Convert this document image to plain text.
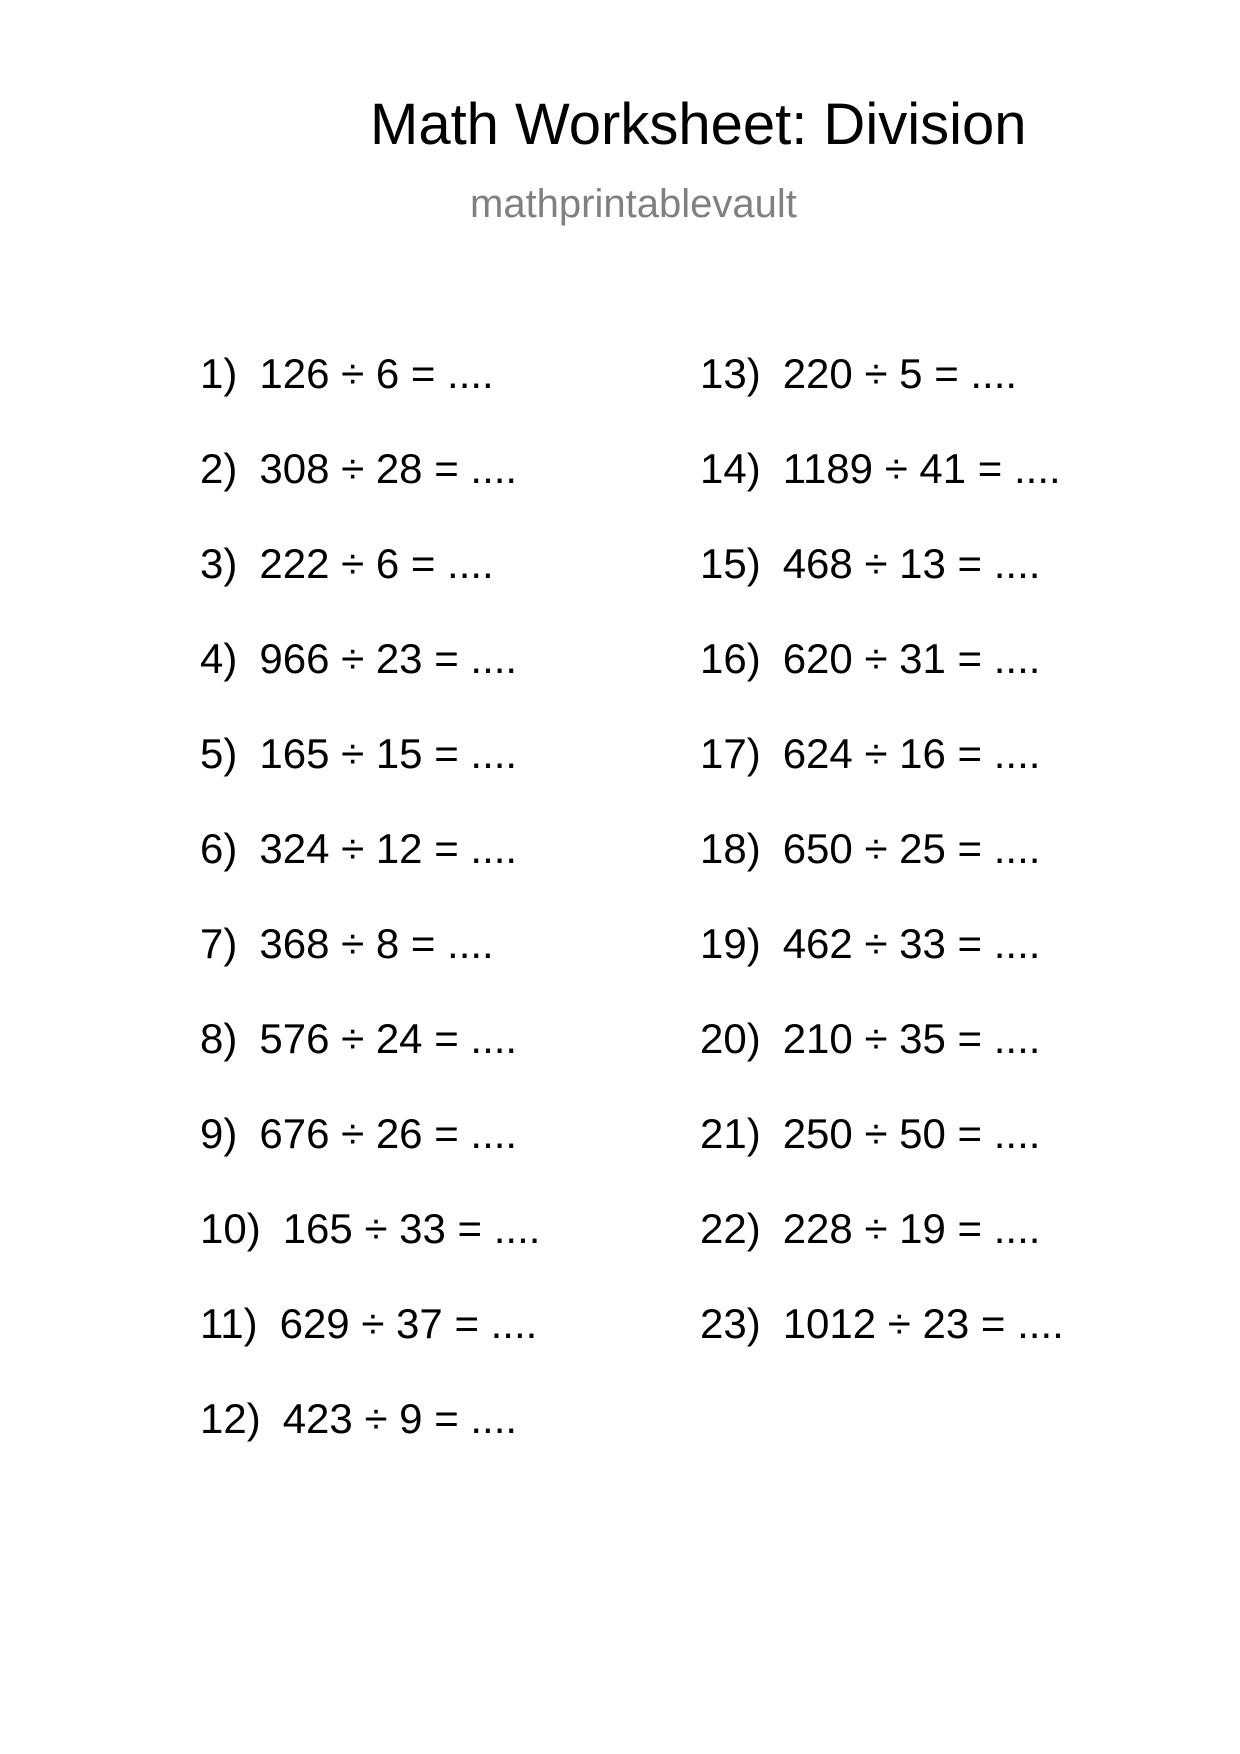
Math Worksheet: Division
mathprintablevault
1) 126 ÷ 6 = ....
2) 308 ÷ 28 = ....
3) 222 ÷ 6 = ....
4) 966 ÷ 23 = ....
5) 165 ÷ 15 = ....
6) 324 ÷ 12 = ....
7) 368 ÷ 8 = ....
8) 576 ÷ 24 = ....
9) 676 ÷ 26 = ....
10) 165 ÷ 33 = ....
11) 629 ÷ 37 = ....
12) 423 ÷ 9 = ....
13) 220 ÷ 5 = ....
14) 1189 ÷ 41 = ....
15) 468 ÷ 13 = ....
16) 620 ÷ 31 = ....
17) 624 ÷ 16 = ....
18) 650 ÷ 25 = ....
19) 462 ÷ 33 = ....
20) 210 ÷ 35 = ....
21) 250 ÷ 50 = ....
22) 228 ÷ 19 = ....
23) 1012 ÷ 23 = ....
